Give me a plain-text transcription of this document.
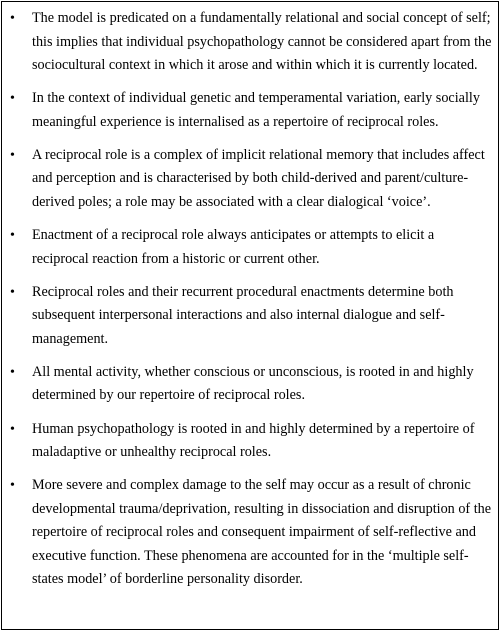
• The model is predicated on a fundamentally relational and social concept of self; this implies that individual psychopathology cannot be considered apart from the sociocultural context in which it arose and within which it is currently located.
• In the context of individual genetic and temperamental variation, early socially meaningful experience is internalised as a repertoire of reciprocal roles.
• A reciprocal role is a complex of implicit relational memory that includes affect and perception and is characterised by both child-derived and parent/culture-derived poles; a role may be associated with a clear dialogical ‘voice’.
• Enactment of a reciprocal role always anticipates or attempts to elicit a reciprocal reaction from a historic or current other.
• Reciprocal roles and their recurrent procedural enactments determine both subsequent interpersonal interactions and also internal dialogue and self-management.
• All mental activity, whether conscious or unconscious, is rooted in and highly determined by our repertoire of reciprocal roles.
• Human psychopathology is rooted in and highly determined by a repertoire of maladaptive or unhealthy reciprocal roles.
• More severe and complex damage to the self may occur as a result of chronic developmental trauma/deprivation, resulting in dissociation and disruption of the repertoire of reciprocal roles and consequent impairment of self-reflective and executive function. These phenomena are accounted for in the ‘multiple self-states model’ of borderline personality disorder.
